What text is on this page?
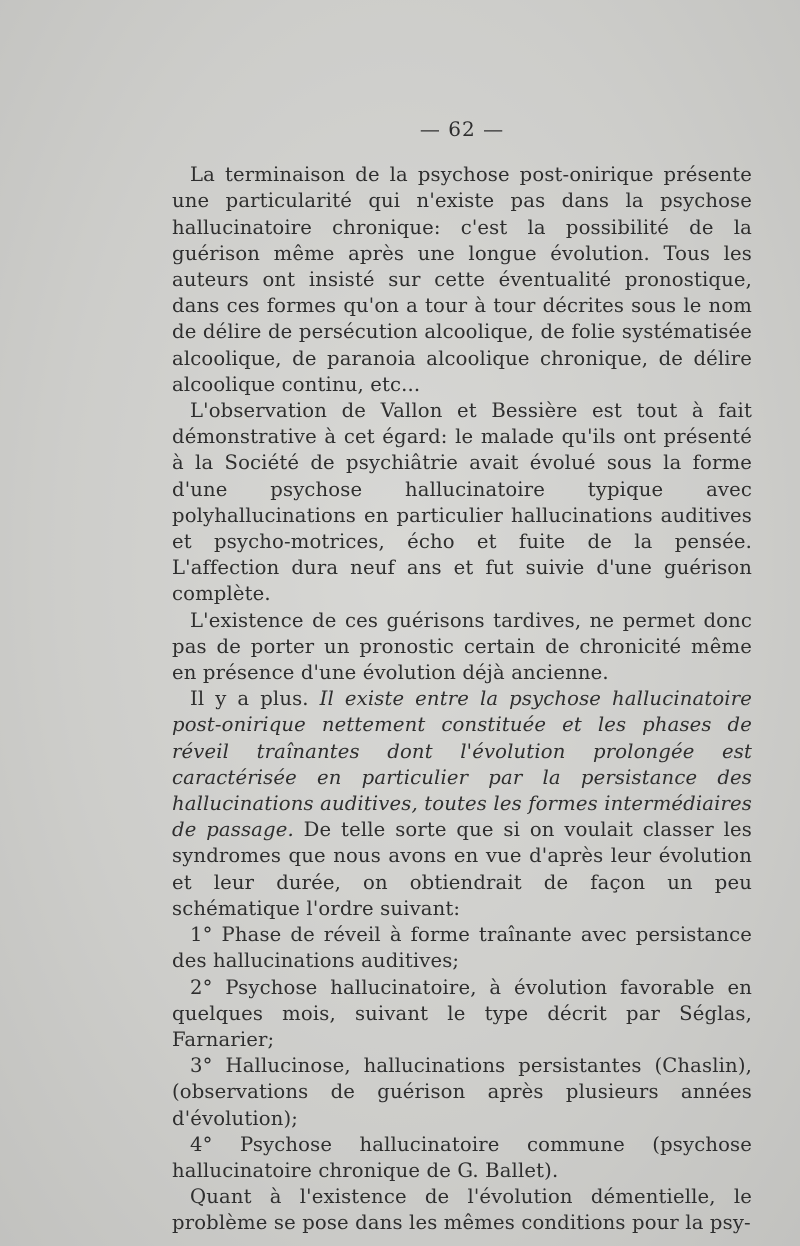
— 62 —

La terminaison de la psychose post-onirique présente une particularité qui n'existe pas dans la psychose hallucinatoire chronique: c'est la possibilité de la guérison même après une longue évolution. Tous les auteurs ont insisté sur cette éventualité pronostique, dans ces formes qu'on a tour à tour décrites sous le nom de délire de persécution alcoolique, de folie systématisée alcoolique, de paranoia alcoolique chronique, de délire alcoolique continu, etc...

L'observation de Vallon et Bessière est tout à fait démonstrative à cet égard: le malade qu'ils ont présenté à la Société de psychiâtrie avait évolué sous la forme d'une psychose hallucinatoire typique avec polyhallucinations en particulier hallucinations auditives et psycho-motrices, écho et fuite de la pensée. L'affection dura neuf ans et fut suivie d'une guérison complète.

L'existence de ces guérisons tardives, ne permet donc pas de porter un pronostic certain de chronicité même en présence d'une évolution déjà ancienne.

Il y a plus. Il existe entre la psychose hallucinatoire post-onirique nettement constituée et les phases de réveil traînantes dont l'évolution prolongée est caractérisée en particulier par la persistance des hallucinations auditives, toutes les formes intermédiaires de passage. De telle sorte que si on voulait classer les syndromes que nous avons en vue d'après leur évolution et leur durée, on obtiendrait de façon un peu schématique l'ordre suivant:

1° Phase de réveil à forme traînante avec persistance des hallucinations auditives;

2° Psychose hallucinatoire, à évolution favorable en quelques mois, suivant le type décrit par Séglas, Farnarier;

3° Hallucinose, hallucinations persistantes (Chaslin), (observations de guérison après plusieurs années d'évolution);

4° Psychose hallucinatoire commune (psychose hallucinatoire chronique de G. Ballet).

Quant à l'existence de l'évolution démentielle, le problème se pose dans les mêmes conditions pour la psy-
